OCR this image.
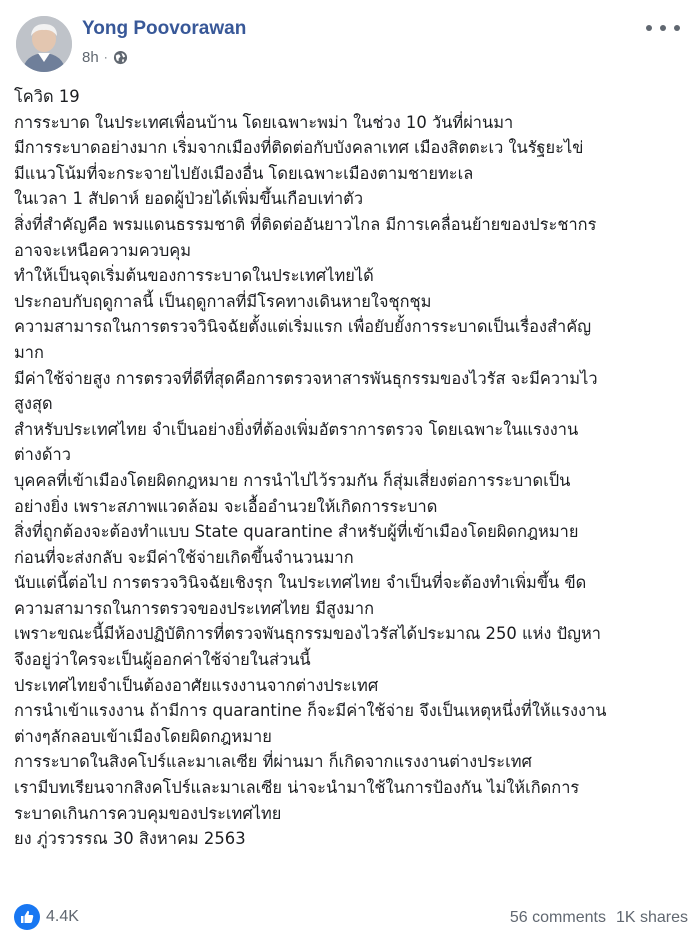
Yong Poovorawan
8h ·
โควิด 19
การระบาด ในประเทศเพื่อนบ้าน โดยเฉพาะพม่า ในช่วง 10 วันที่ผ่านมา
มีการระบาดอย่างมาก เริ่มจากเมืองที่ติดต่อกับบังคลาเทศ เมืองสิตตะเว ในรัฐยะไข่
มีแนวโน้มที่จะกระจายไปยังเมืองอื่น โดยเฉพาะเมืองตามชายทะเล
ในเวลา 1 สัปดาห์ ยอดผู้ป่วยได้เพิ่มขึ้นเกือบเท่าตัว
สิ่งที่สำคัญคือ พรมแดนธรรมชาติ ที่ติดต่ออันยาวไกล มีการเคลื่อนย้ายของประชากร
อาจจะเหนือความควบคุม
ทำให้เป็นจุดเริ่มต้นของการระบาดในประเทศไทยได้
ประกอบกับฤดูกาลนี้ เป็นฤดูกาลที่มีโรคทางเดินหายใจชุกชุม
ความสามารถในการตรวจวินิจฉัยตั้งแต่เริ่มแรก เพื่อยับยั้งการระบาดเป็นเรื่องสำคัญ
มาก
มีค่าใช้จ่ายสูง การตรวจที่ดีที่สุดคือการตรวจหาสารพันธุกรรมของไวรัส จะมีความไว
สูงสุด
สำหรับประเทศไทย จำเป็นอย่างยิ่งที่ต้องเพิ่มอัตราการตรวจ โดยเฉพาะในแรงงาน
ต่างด้าว
บุคคลที่เข้าเมืองโดยผิดกฎหมาย การนำไปไว้รวมกัน ก็สุ่มเสี่ยงต่อการระบาดเป็น
อย่างยิ่ง เพราะสภาพแวดล้อม จะเอื้ออำนวยให้เกิดการระบาด
สิ่งที่ถูกต้องจะต้องทำแบบ State quarantine สำหรับผู้ที่เข้าเมืองโดยผิดกฎหมาย
ก่อนที่จะส่งกลับ จะมีค่าใช้จ่ายเกิดขึ้นจำนวนมาก
นับแต่นี้ต่อไป การตรวจวินิจฉัยเชิงรุก ในประเทศไทย จำเป็นที่จะต้องทำเพิ่มขึ้น ขีด
ความสามารถในการตรวจของประเทศไทย มีสูงมาก
เพราะขณะนี้มีห้องปฏิบัติการที่ตรวจพันธุกรรมของไวรัสได้ประมาณ 250 แห่ง ปัญหา
จึงอยู่ว่าใครจะเป็นผู้ออกค่าใช้จ่ายในส่วนนี้
ประเทศไทยจำเป็นต้องอาศัยแรงงานจากต่างประเทศ
การนำเข้าแรงงาน ถ้ามีการ quarantine ก็จะมีค่าใช้จ่าย จึงเป็นเหตุหนึ่งที่ให้แรงงาน
ต่างๆลักลอบเข้าเมืองโดยผิดกฎหมาย
การระบาดในสิงคโปร์และมาเลเซีย ที่ผ่านมา ก็เกิดจากแรงงานต่างประเทศ
เรามีบทเรียนจากสิงคโปร์และมาเลเซีย น่าจะนำมาใช้ในการป้องกัน ไม่ให้เกิดการ
ระบาดเกินการควบคุมของประเทศไทย
ยง ภู่วรวรรณ 30 สิงหาคม 2563
4.4K	56 comments 1K shares
